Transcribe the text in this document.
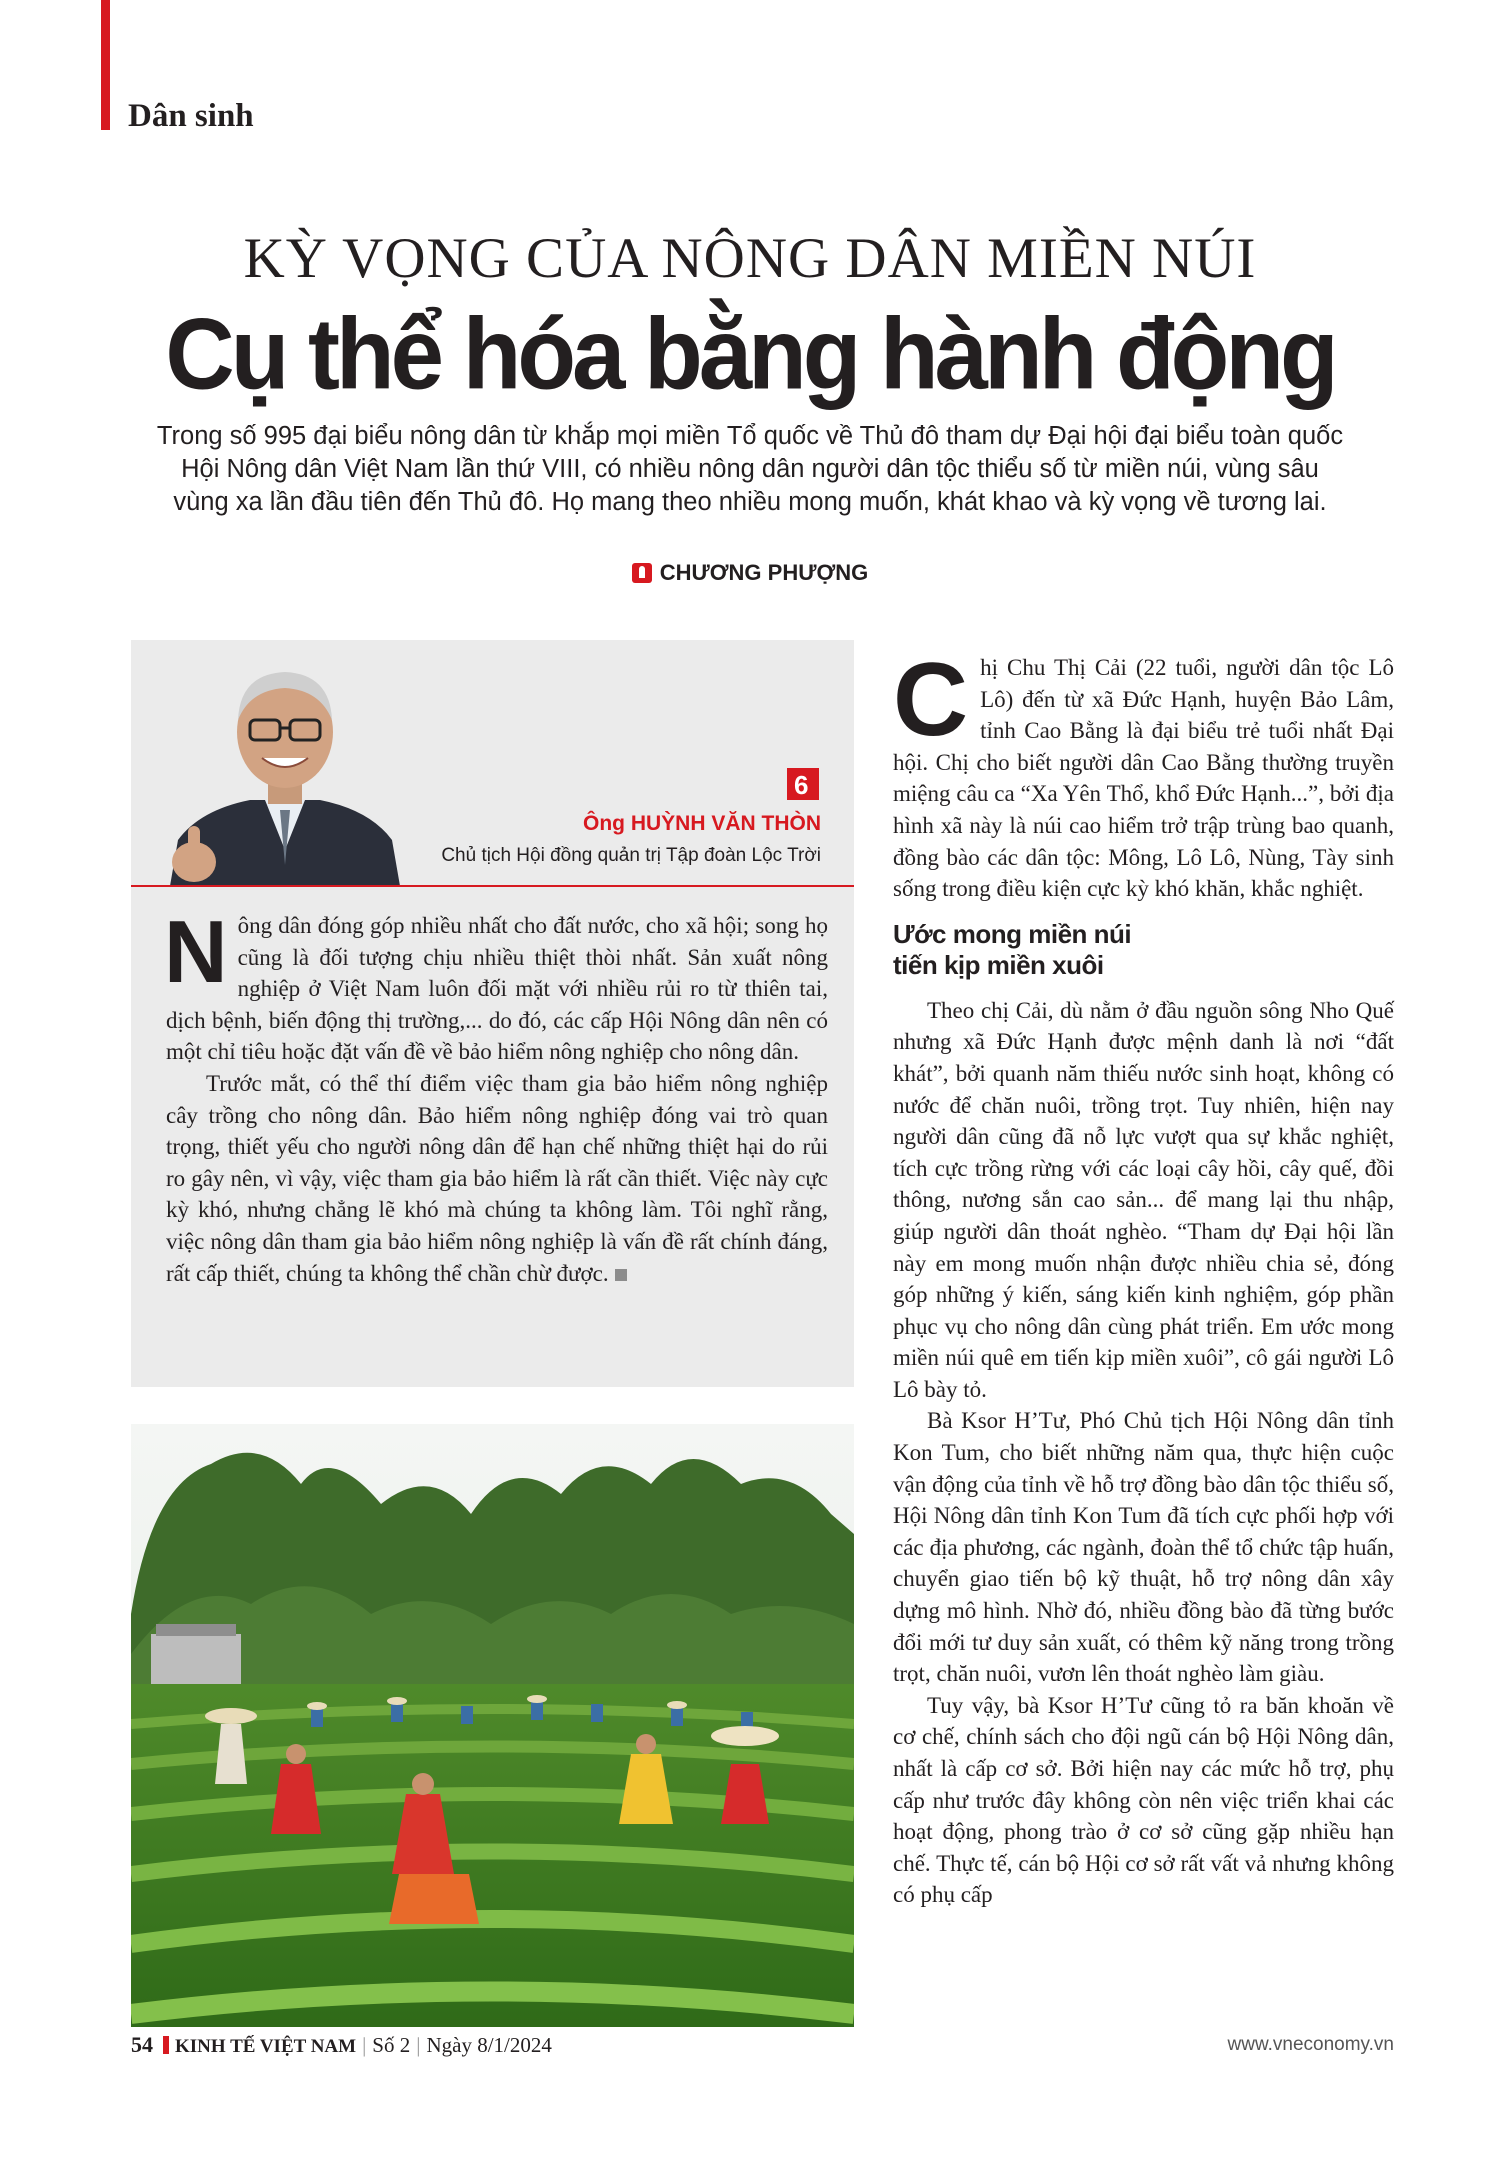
Dân sinh
KỲ VỌNG CỦA NÔNG DÂN MIỀN NÚI
Cụ thể hóa bằng hành động
Trong số 995 đại biểu nông dân từ khắp mọi miền Tổ quốc về Thủ đô tham dự Đại hội đại biểu toàn quốc Hội Nông dân Việt Nam lần thứ VIII, có nhiều nông dân người dân tộc thiểu số từ miền núi, vùng sâu vùng xa lần đầu tiên đến Thủ đô. Họ mang theo nhiều mong muốn, khát khao và kỳ vọng về tương lai.
CHƯƠNG PHƯỢNG
6
Ông HUỲNH VĂN THÒN
Chủ tịch Hội đồng quản trị Tập đoàn Lộc Trời

Nông dân đóng góp nhiều nhất cho đất nước, cho xã hội; song họ cũng là đối tượng chịu nhiều thiệt thòi nhất. Sản xuất nông nghiệp ở Việt Nam luôn đối mặt với nhiều rủi ro từ thiên tai, dịch bệnh, biến động thị trường,... do đó, các cấp Hội Nông dân nên có một chỉ tiêu hoặc đặt vấn đề về bảo hiểm nông nghiệp cho nông dân.

Trước mắt, có thể thí điểm việc tham gia bảo hiểm nông nghiệp cây trồng cho nông dân. Bảo hiểm nông nghiệp đóng vai trò quan trọng, thiết yếu cho người nông dân để hạn chế những thiệt hại do rủi ro gây nên, vì vậy, việc tham gia bảo hiểm là rất cần thiết. Việc này cực kỳ khó, nhưng chẳng lẽ khó mà chúng ta không làm. Tôi nghĩ rằng, việc nông dân tham gia bảo hiểm nông nghiệp là vấn đề rất chính đáng, rất cấp thiết, chúng ta không thể chần chừ được.

Chị Chu Thị Cải (22 tuổi, người dân tộc Lô Lô) đến từ xã Đức Hạnh, huyện Bảo Lâm, tỉnh Cao Bằng là đại biểu trẻ tuổi nhất Đại hội. Chị cho biết người dân Cao Bằng thường truyền miệng câu ca “Xa Yên Thổ, khổ Đức Hạnh...”, bởi địa hình xã này là núi cao hiểm trở trập trùng bao quanh, đồng bào các dân tộc: Mông, Lô Lô, Nùng, Tày sinh sống trong điều kiện cực kỳ khó khăn, khắc nghiệt.

Ước mong miền núi
tiến kịp miền xuôi

Theo chị Cải, dù nằm ở đầu nguồn sông Nho Quế nhưng xã Đức Hạnh được mệnh danh là nơi “đất khát”, bởi quanh năm thiếu nước sinh hoạt, không có nước để chăn nuôi, trồng trọt. Tuy nhiên, hiện nay người dân cũng đã nỗ lực vượt qua sự khắc nghiệt, tích cực trồng rừng với các loại cây hồi, cây quế, đồi thông, nương sắn cao sản... để mang lại thu nhập, giúp người dân thoát nghèo. “Tham dự Đại hội lần này em mong muốn nhận được nhiều chia sẻ, đóng góp những ý kiến, sáng kiến kinh nghiệm, góp phần phục vụ cho nông dân cùng phát triển. Em ước mong miền núi quê em tiến kịp miền xuôi”, cô gái người Lô Lô bày tỏ.

Bà Ksor H’Tư, Phó Chủ tịch Hội Nông dân tỉnh Kon Tum, cho biết những năm qua, thực hiện cuộc vận động của tỉnh về hỗ trợ đồng bào dân tộc thiểu số, Hội Nông dân tỉnh Kon Tum đã tích cực phối hợp với các địa phương, các ngành, đoàn thể tổ chức tập huấn, chuyển giao tiến bộ kỹ thuật, hỗ trợ nông dân xây dựng mô hình. Nhờ đó, nhiều đồng bào đã từng bước đổi mới tư duy sản xuất, có thêm kỹ năng trong trồng trọt, chăn nuôi, vươn lên thoát nghèo làm giàu.

Tuy vậy, bà Ksor H’Tư cũng tỏ ra băn khoăn về cơ chế, chính sách cho đội ngũ cán bộ Hội Nông dân, nhất là cấp cơ sở. Bởi hiện nay các mức hỗ trợ, phụ cấp như trước đây không còn nên việc triển khai các hoạt động, phong trào ở cơ sở cũng gặp nhiều hạn chế. Thực tế, cán bộ Hội cơ sở rất vất vả nhưng không có phụ cấp

54 KINH TẾ VIỆT NAM | Số 2 | Ngày 8/1/2024	www.vneconomy.vn
